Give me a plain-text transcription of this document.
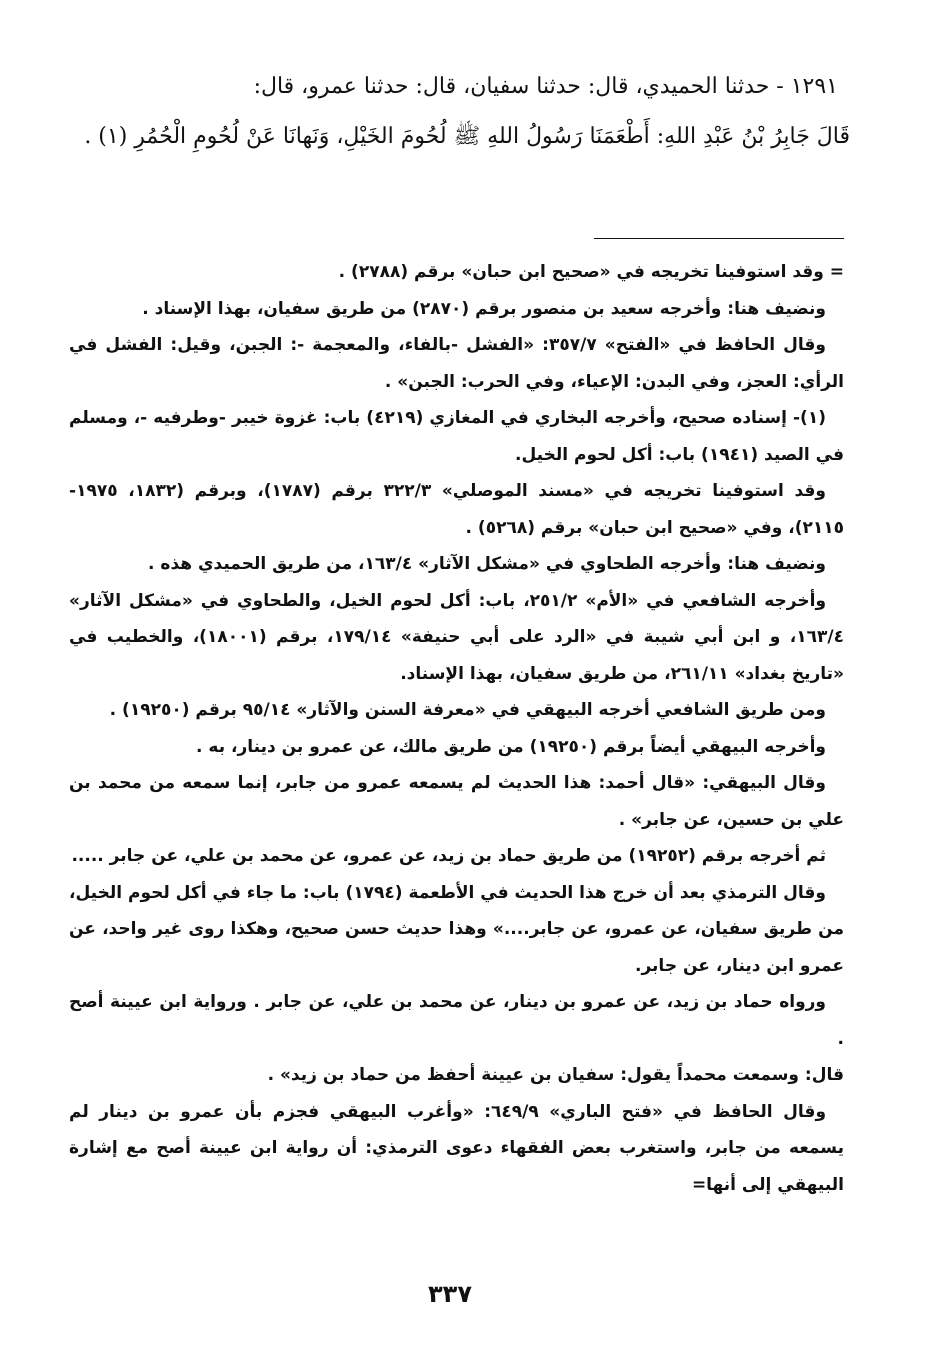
١٢٩١ - حدثنا الحميدي، قال: حدثنا سفيان، قال: حدثنا عمرو، قال:

قَالَ جَابِرُ بْنُ عَبْدِ اللهِ: أَطْعَمَنَا رَسُولُ اللهِ ﷺ لُحُومَ الخَيْلِ، وَنَهانَا عَنْ لُحُومِ الْحُمُرِ (١) .

= وقد استوفينا تخريجه في «صحيح ابن حبان» برقم (٢٧٨٨) .

ونضيف هنا: وأخرجه سعيد بن منصور برقم (٢٨٧٠) من طريق سفيان، بهذا الإسناد .

وقال الحافظ في «الفتح» ٣٥٧/٧: «الفشل -بالفاء، والمعجمة -: الجبن، وقيل: الفشل في الرأي: العجز، وفي البدن: الإعياء، وفي الحرب: الجبن» .

(١)- إسناده صحيح، وأخرجه البخاري في المغازي (٤٢١٩) باب: غزوة خيبر -وطرفيه -، ومسلم في الصيد (١٩٤١) باب: أكل لحوم الخيل.

وقد استوفينا تخريجه في «مسند الموصلي» ٣٢٢/٣ برقم (١٧٨٧)، وبرقم (١٨٣٢، ١٩٧٥- ٢١١٥)، وفي «صحيح ابن حبان» برقم (٥٢٦٨) .

ونضيف هنا: وأخرجه الطحاوي في «مشكل الآثار» ١٦٣/٤، من طريق الحميدي هذه .

وأخرجه الشافعي في «الأم» ٢٥١/٢، باب: أكل لحوم الخيل، والطحاوي في «مشكل الآثار» ١٦٣/٤، و ابن أبي شيبة في «الرد على أبي حنيفة» ١٧٩/١٤، برقم (١٨٠٠١)، والخطيب في «تاريخ بغداد» ٢٦١/١١، من طريق سفيان، بهذا الإسناد.

ومن طريق الشافعي أخرجه البيهقي في «معرفة السنن والآثار» ٩٥/١٤ برقم (١٩٢٥٠) .

وأخرجه البيهقي أيضاً برقم (١٩٢٥٠) من طريق مالك، عن عمرو بن دينار، به .

وقال البيهقي: «قال أحمد: هذا الحديث لم يسمعه عمرو من جابر، إنما سمعه من محمد بن علي بن حسين، عن جابر» .

ثم أخرجه برقم (١٩٢٥٢) من طريق حماد بن زيد، عن عمرو، عن محمد بن علي، عن جابر .....

وقال الترمذي بعد أن خرج هذا الحديث في الأطعمة (١٧٩٤) باب: ما جاء في أكل لحوم الخيل، من طريق سفيان، عن عمرو، عن جابر....» وهذا حديث حسن صحيح، وهكذا روى غير واحد، عن عمرو ابن دينار، عن جابر.

ورواه حماد بن زيد، عن عمرو بن دينار، عن محمد بن علي، عن جابر . ورواية ابن عيينة أصح .

قال: وسمعت محمداً يقول: سفيان بن عيينة أحفظ من حماد بن زيد» .

وقال الحافظ في «فتح الباري» ٦٤٩/٩: «وأغرب البيهقي فجزم بأن عمرو بن دينار لم يسمعه من جابر، واستغرب بعض الفقهاء دعوى الترمذي: أن رواية ابن عيينة أصح مع إشارة البيهقي إلى أنها=

٣٣٧
